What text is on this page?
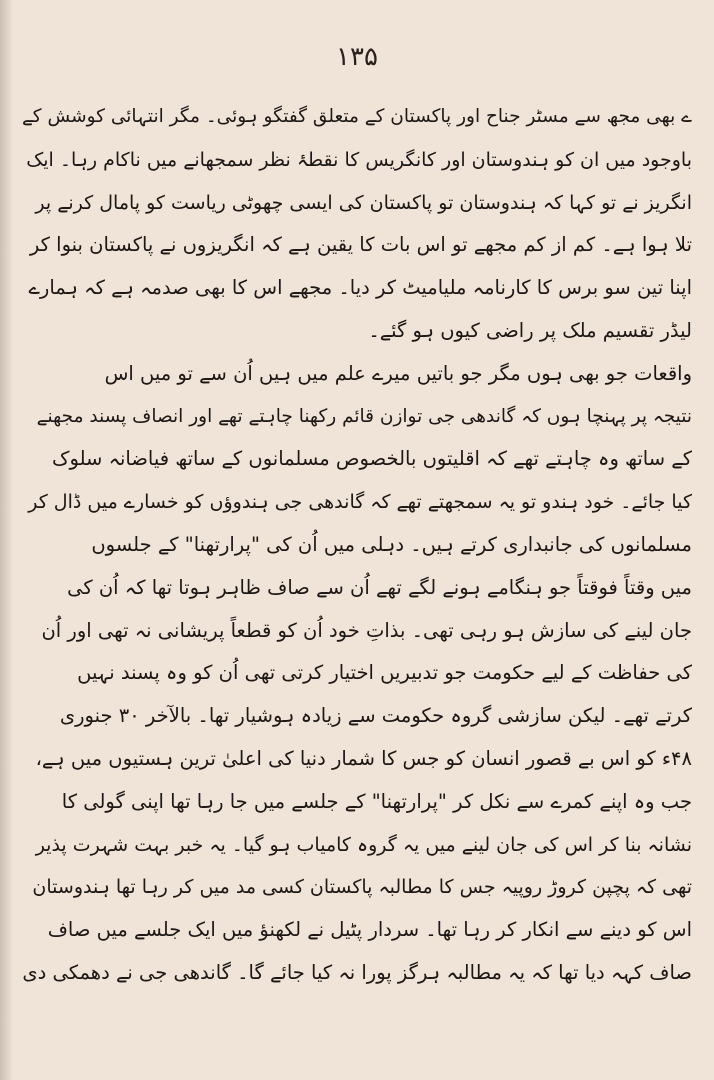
۱۳۵
ے بھی مجھ سے مسٹر جناح اور پاکستان کے متعلق گفتگو ہوئی۔ مگر انتہائی کوشش کے
باوجود میں ان کو ہندوستان اور کانگریس کا نقطۂ نظر سمجھانے میں ناکام رہا۔ ایک
انگریز نے تو کہا کہ ہندوستان تو پاکستان کی ایسی چھوٹی ریاست کو پامال کرنے پر
تلا ہوا ہے۔ کم از کم مجھے تو اس بات کا یقین ہے کہ انگریزوں نے پاکستان بنوا کر
اپنا تین سو برس کا کارنامہ ملیامیٹ کر دیا۔ مجھے اس کا بھی صدمہ ہے کہ ہمارے
لیڈر تقسیم ملک پر راضی کیوں ہو گئے۔
واقعات جو بھی ہوں مگر جو باتیں میرے علم میں ہیں اُن سے تو میں اس
نتیجہ پر پہنچا ہوں کہ گاندھی جی توازن قائم رکھنا چاہتے تھے اور انصاف پسند مجھنے
کے ساتھ وہ چاہتے تھے کہ اقلیتوں بالخصوص مسلمانوں کے ساتھ فیاضانہ سلوک
کیا جائے۔ خود ہندو تو یہ سمجھتے تھے کہ گاندھی جی ہندوؤں کو خسارے میں ڈال کر
مسلمانوں کی جانبداری کرتے ہیں۔ دہلی میں اُن کی "پرارتھنا" کے جلسوں
میں وقتاً فوقتاً جو ہنگامے ہونے لگے تھے اُن سے صاف ظاہر ہوتا تھا کہ اُن کی
جان لینے کی سازش ہو رہی تھی۔ بذاتِ خود اُن کو قطعاً پریشانی نہ تھی اور اُن
کی حفاظت کے لیے حکومت جو تدبیریں اختیار کرتی تھی اُن کو وہ پسند نہیں
کرتے تھے۔ لیکن سازشی گروہ حکومت سے زیادہ ہوشیار تھا۔ بالآخر ۳۰ جنوری
۴۸ء کو اس بے قصور انسان کو جس کا شمار دنیا کی اعلیٰ ترین ہستیوں میں ہے،
جب وہ اپنے کمرے سے نکل کر "پرارتھنا" کے جلسے میں جا رہا تھا اپنی گولی کا
نشانہ بنا کر اس کی جان لینے میں یہ گروہ کامیاب ہو گیا۔ یہ خبر بہت شہرت پذیر
تھی کہ پچپن کروڑ روپیہ جس کا مطالبہ پاکستان کسی مد میں کر رہا تھا ہندوستان
اس کو دینے سے انکار کر رہا تھا۔ سردار پٹیل نے لکھنؤ میں ایک جلسے میں صاف
صاف کہہ دیا تھا کہ یہ مطالبہ ہرگز پورا نہ کیا جائے گا۔ گاندھی جی نے دھمکی دی
